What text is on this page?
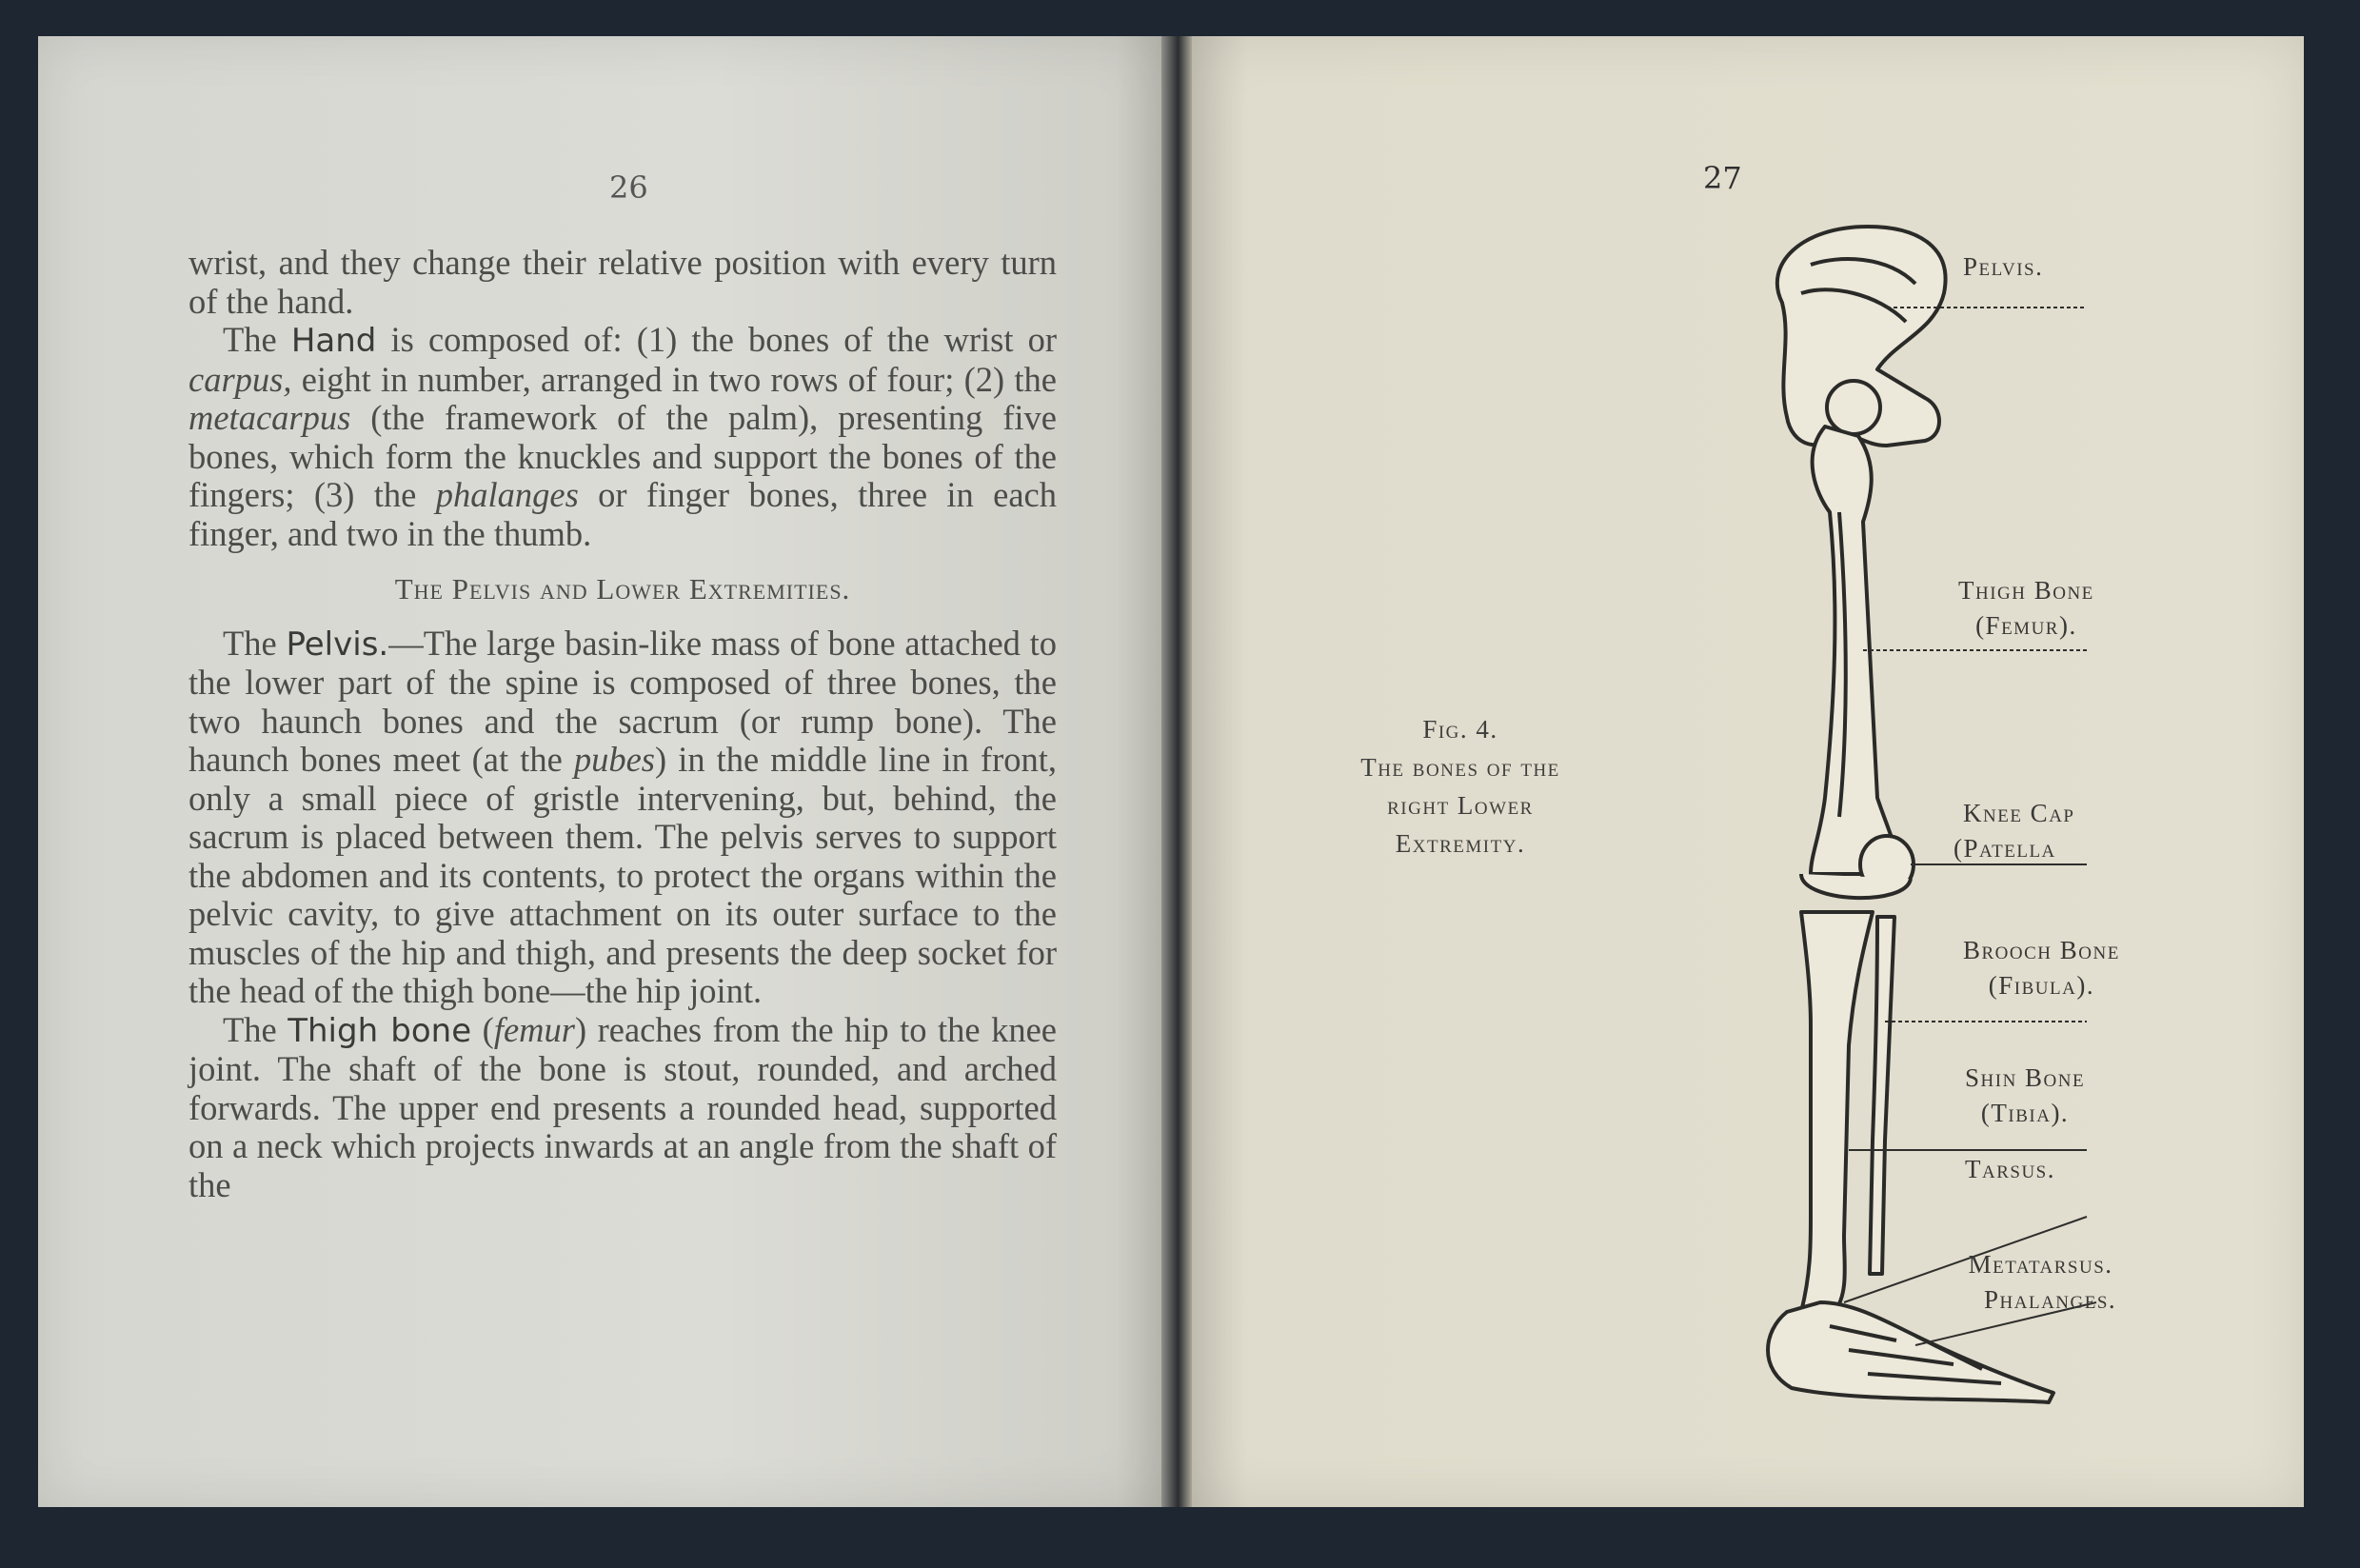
26

wrist, and they change their relative position with every turn of the hand.

The Hand is composed of: (1) the bones of the wrist or carpus, eight in number, arranged in two rows of four; (2) the metacarpus (the framework of the palm), presenting five bones, which form the knuckles and support the bones of the fingers; (3) the phalanges or finger bones, three in each finger, and two in the thumb.

The Pelvis and Lower Extremities.

The Pelvis.—The large basin-like mass of bone attached to the lower part of the spine is composed of three bones, the two haunch bones and the sacrum (or rump bone). The haunch bones meet (at the pubes) in the middle line in front, only a small piece of gristle intervening, but, behind, the sacrum is placed between them. The pelvis serves to support the abdomen and its contents, to protect the organs within the pelvic cavity, to give attachment on its outer surface to the muscles of the hip and thigh, and presents the deep socket for the head of the thigh bone—the hip joint.

The Thigh bone (femur) reaches from the hip to the knee joint. The shaft of the bone is stout, rounded, and arched forwards. The upper end presents a rounded head, supported on a neck which projects inwards at an angle from the shaft of the

27
Fig. 4.
The bones of the
right Lower
Extremity.
Pelvis.
Thigh Bone
(Femur).
Knee Cap
(Patella
Brooch Bone
(Fibula).
Shin Bone
(Tibia).
Tarsus.
Metatarsus.
Phalanges.
